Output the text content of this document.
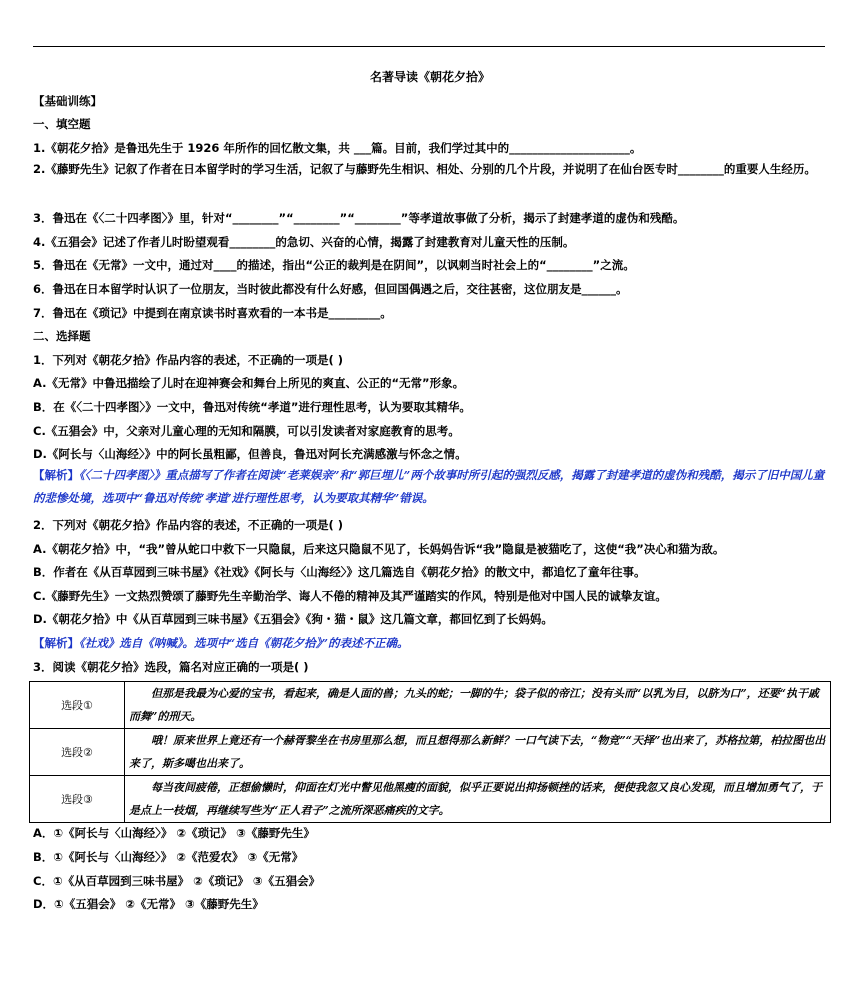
名著导读《朝花夕拾》
【基础训练】
一、填空题
1.《朝花夕拾》是鲁迅先生于 1926 年所作的回忆散文集，共 ___篇。目前，我们学过其中的_____________________。
2.《藤野先生》记叙了作者在日本留学时的学习生活，记叙了与藤野先生相识、相处、分别的几个片段，并说明了在仙台医专时________的重要人生经历。
3．鲁迅在《〈二十四孝图〉》里，针对“________”“________”“________”等孝道故事做了分析，揭示了封建孝道的虚伪和残酷。
4.《五猖会》记述了作者儿时盼望观看________的急切、兴奋的心情，揭露了封建教育对儿童天性的压制。
5．鲁迅在《无常》一文中，通过对____的描述，指出“公正的裁判是在阴间”，以讽刺当时社会上的“________”之流。
6．鲁迅在日本留学时认识了一位朋友，当时彼此都没有什么好感，但回国偶遇之后，交往甚密，这位朋友是______。
7．鲁迅在《琐记》中提到在南京读书时喜欢看的一本书是_________。
二、选择题
1．下列对《朝花夕拾》作品内容的表述，不正确的一项是( )
A.《无常》中鲁迅描绘了儿时在迎神赛会和舞台上所见的爽直、公正的“无常”形象。
B．在《〈二十四孝图〉》一文中，鲁迅对传统“孝道”进行理性思考，认为要取其精华。
C.《五猖会》中，父亲对儿童心理的无知和隔膜，可以引发读者对家庭教育的思考。
D.《阿长与〈山海经〉》中的阿长虽粗鄙，但善良，鲁迅对阿长充满感激与怀念之情。
【解析】《〈二十四孝图〉》重点描写了作者在阅读“老莱娱亲”和“郭巨埋儿”两个故事时所引起的强烈反感，揭露了封建孝道的虚伪和残酷，揭示了旧中国儿童的悲惨处境，选项中“鲁迅对传统‘孝道’进行理性思考，认为要取其精华”错误。
2．下列对《朝花夕拾》作品内容的表述，不正确的一项是( )
A.《朝花夕拾》中，“我”曾从蛇口中救下一只隐鼠，后来这只隐鼠不见了，长妈妈告诉“我”隐鼠是被猫吃了，这使“我”决心和猫为敌。
B．作者在《从百草园到三味书屋》《社戏》《阿长与〈山海经〉》这几篇选自《朝花夕拾》的散文中，都追忆了童年往事。
C.《藤野先生》一文热烈赞颂了藤野先生辛勤治学、诲人不倦的精神及其严谨踏实的作风，特别是他对中国人民的诚挚友谊。
D.《朝花夕拾》中《从百草园到三味书屋》《五猖会》《狗・猫・鼠》这几篇文章，都回忆到了长妈妈。
【解析】《社戏》选自《呐喊》。选项中“选自《朝花夕拾》”的表述不正确。
3．阅读《朝花夕拾》选段，篇名对应正确的一项是( )
选段①	但那是我最为心爱的宝书，看起来，确是人面的兽；九头的蛇；一脚的牛；袋子似的帝江；没有头而“以乳为目，以脐为口”，还要“执干戚而舞”的刑天。
选段②	哦！原来世界上竟还有一个赫胥黎坐在书房里那么想，而且想得那么新鲜？一口气读下去，“物竞”“天择”也出来了，苏格拉第，柏拉图也出来了，斯多噶也出来了。
选段③	每当夜间疲倦，正想偷懒时，仰面在灯光中瞥见他黑瘦的面貌，似乎正要说出抑扬顿挫的话来，便使我忽又良心发现，而且增加勇气了，于是点上一枝烟，再继续写些为“正人君子”之流所深恶痛疾的文字。
A．①《阿长与〈山海经〉》 ②《琐记》 ③《藤野先生》
B．①《阿长与〈山海经〉》 ②《范爱农》 ③《无常》
C．①《从百草园到三味书屋》 ②《琐记》 ③《五猖会》
D．①《五猖会》 ②《无常》 ③《藤野先生》
